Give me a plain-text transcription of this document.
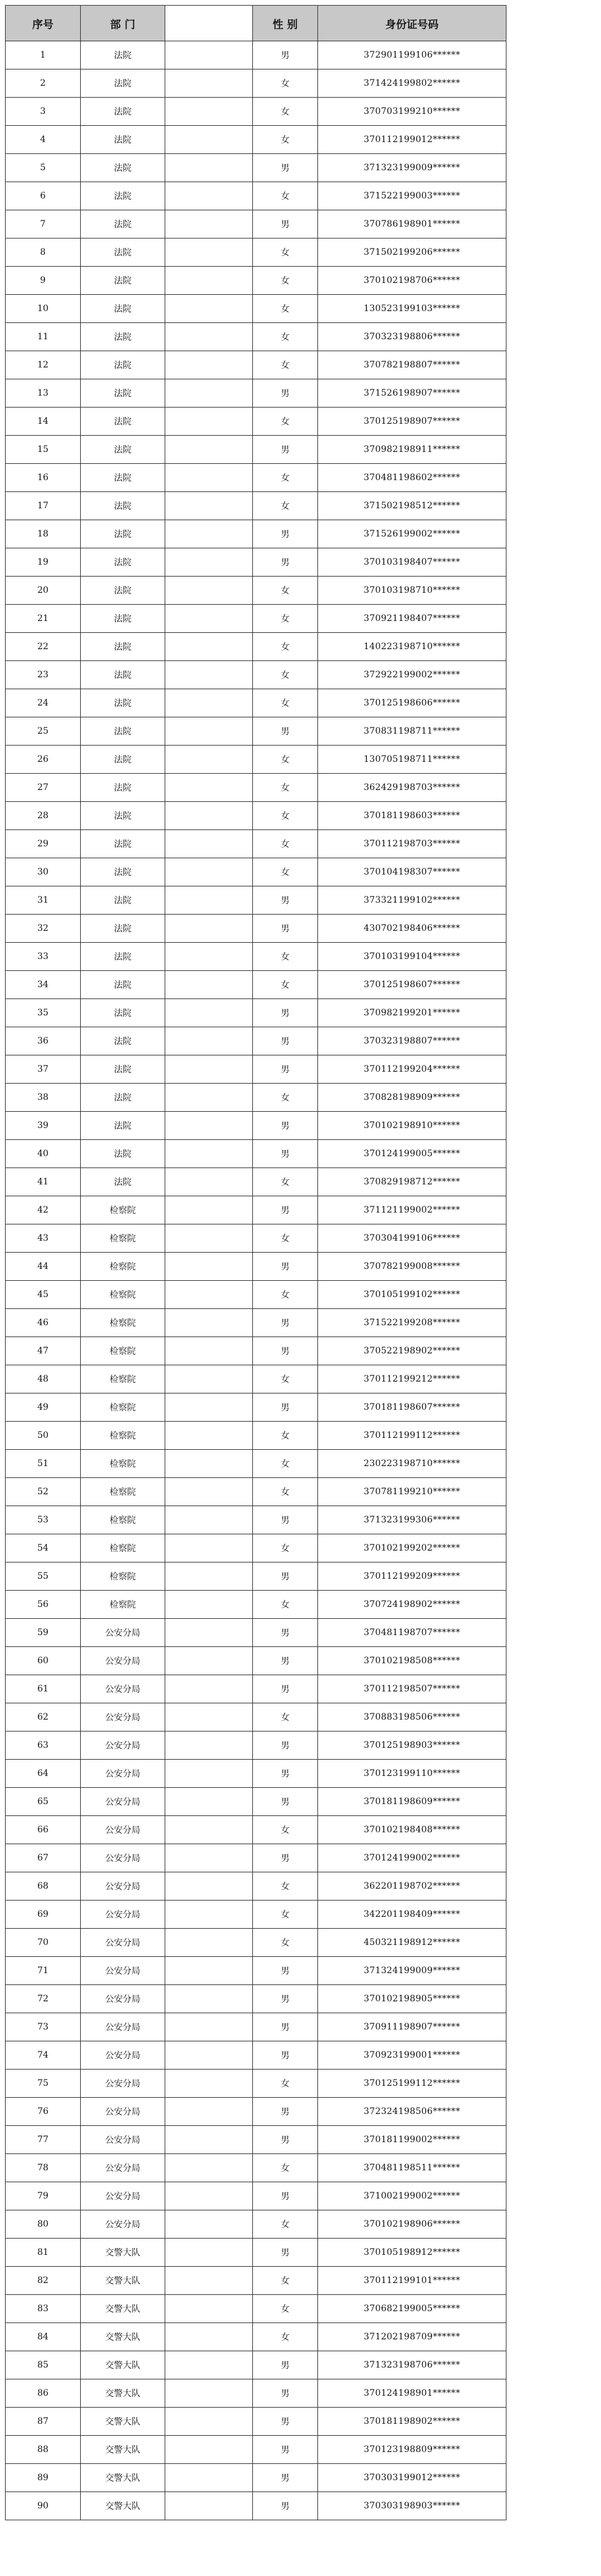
序号	部 门		性 别	身份证号码
1	法院		男	372901199106******
2	法院		女	371424199802******
3	法院		女	370703199210******
4	法院		女	370112199012******
5	法院		男	371323199009******
6	法院		女	371522199003******
7	法院		男	370786198901******
8	法院		女	371502199206******
9	法院		女	370102198706******
10	法院		女	130523199103******
11	法院		女	370323198806******
12	法院		女	370782198807******
13	法院		男	371526198907******
14	法院		女	370125198907******
15	法院		男	370982198911******
16	法院		女	370481198602******
17	法院		女	371502198512******
18	法院		男	371526199002******
19	法院		男	370103198407******
20	法院		女	370103198710******
21	法院		女	370921198407******
22	法院		女	140223198710******
23	法院		女	372922199002******
24	法院		女	370125198606******
25	法院		男	370831198711******
26	法院		女	130705198711******
27	法院		女	362429198703******
28	法院		女	370181198603******
29	法院		女	370112198703******
30	法院		女	370104198307******
31	法院		男	373321199102******
32	法院		男	430702198406******
33	法院		女	370103199104******
34	法院		女	370125198607******
35	法院		男	370982199201******
36	法院		男	370323198807******
37	法院		男	370112199204******
38	法院		女	370828198909******
39	法院		男	370102198910******
40	法院		男	370124199005******
41	法院		女	370829198712******
42	检察院		男	371121199002******
43	检察院		女	370304199106******
44	检察院		男	370782199008******
45	检察院		女	370105199102******
46	检察院		男	371522199208******
47	检察院		男	370522198902******
48	检察院		女	370112199212******
49	检察院		男	370181198607******
50	检察院		女	370112199112******
51	检察院		女	230223198710******
52	检察院		女	370781199210******
53	检察院		男	371323199306******
54	检察院		女	370102199202******
55	检察院		男	370112199209******
56	检察院		女	370724198902******
59	公安分局		男	370481198707******
60	公安分局		男	370102198508******
61	公安分局		男	370112198507******
62	公安分局		女	370883198506******
63	公安分局		男	370125198903******
64	公安分局		男	370123199110******
65	公安分局		男	370181198609******
66	公安分局		女	370102198408******
67	公安分局		男	370124199002******
68	公安分局		女	362201198702******
69	公安分局		女	342201198409******
70	公安分局		女	450321198912******
71	公安分局		男	371324199009******
72	公安分局		男	370102198905******
73	公安分局		男	370911198907******
74	公安分局		男	370923199001******
75	公安分局		女	370125199112******
76	公安分局		男	372324198506******
77	公安分局		男	370181199002******
78	公安分局		女	370481198511******
79	公安分局		男	371002199002******
80	公安分局		女	370102198906******
81	交警大队		男	370105198912******
82	交警大队		女	370112199101******
83	交警大队		女	370682199005******
84	交警大队		女	371202198709******
85	交警大队		男	371323198706******
86	交警大队		男	370124198901******
87	交警大队		男	370181198902******
88	交警大队		男	370123198809******
89	交警大队		男	370303199012******
90	交警大队		男	370303198903******
